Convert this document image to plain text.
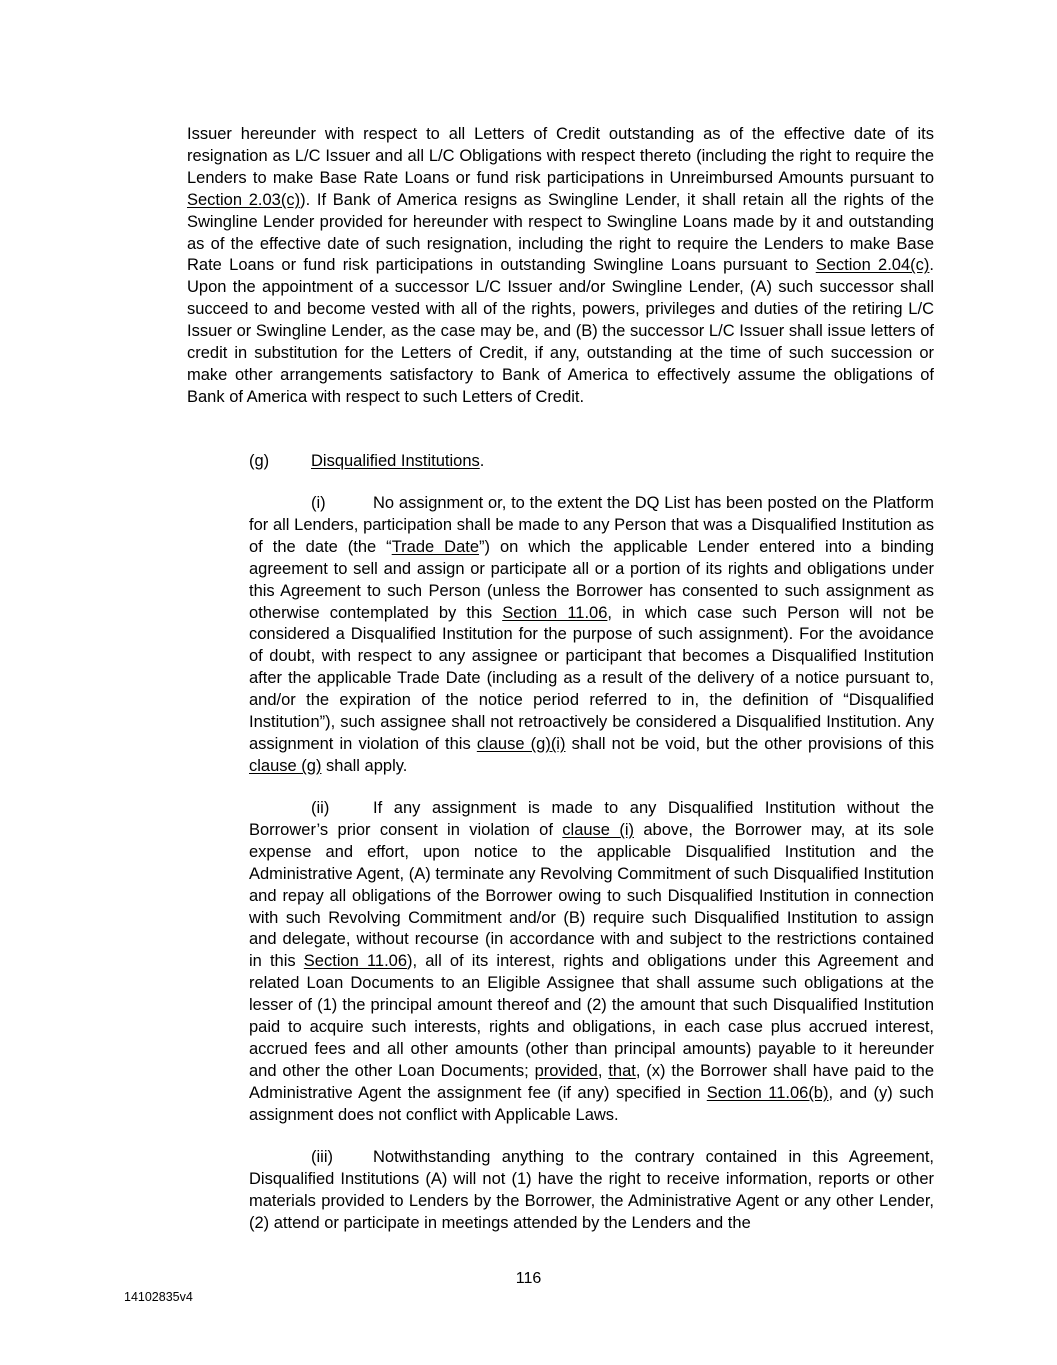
Issuer hereunder with respect to all Letters of Credit outstanding as of the effective date of its resignation as L/C Issuer and all L/C Obligations with respect thereto (including the right to require the Lenders to make Base Rate Loans or fund risk participations in Unreimbursed Amounts pursuant to Section 2.03(c)). If Bank of America resigns as Swingline Lender, it shall retain all the rights of the Swingline Lender provided for hereunder with respect to Swingline Loans made by it and outstanding as of the effective date of such resignation, including the right to require the Lenders to make Base Rate Loans or fund risk participations in outstanding Swingline Loans pursuant to Section 2.04(c). Upon the appointment of a successor L/C Issuer and/or Swingline Lender, (A) such successor shall succeed to and become vested with all of the rights, powers, privileges and duties of the retiring L/C Issuer or Swingline Lender, as the case may be, and (B) the successor L/C Issuer shall issue letters of credit in substitution for the Letters of Credit, if any, outstanding at the time of such succession or make other arrangements satisfactory to Bank of America to effectively assume the obligations of Bank of America with respect to such Letters of Credit.

(g)	Disqualified Institutions.

(i)	No assignment or, to the extent the DQ List has been posted on the Platform for all Lenders, participation shall be made to any Person that was a Disqualified Institution as of the date (the “Trade Date”) on which the applicable Lender entered into a binding agreement to sell and assign or participate all or a portion of its rights and obligations under this Agreement to such Person (unless the Borrower has consented to such assignment as otherwise contemplated by this Section 11.06, in which case such Person will not be considered a Disqualified Institution for the purpose of such assignment). For the avoidance of doubt, with respect to any assignee or participant that becomes a Disqualified Institution after the applicable Trade Date (including as a result of the delivery of a notice pursuant to, and/or the expiration of the notice period referred to in, the definition of “Disqualified Institution”), such assignee shall not retroactively be considered a Disqualified Institution. Any assignment in violation of this clause (g)(i) shall not be void, but the other provisions of this clause (g) shall apply.

(ii)	If any assignment is made to any Disqualified Institution without the Borrower’s prior consent in violation of clause (i) above, the Borrower may, at its sole expense and effort, upon notice to the applicable Disqualified Institution and the Administrative Agent, (A) terminate any Revolving Commitment of such Disqualified Institution and repay all obligations of the Borrower owing to such Disqualified Institution in connection with such Revolving Commitment and/or (B) require such Disqualified Institution to assign and delegate, without recourse (in accordance with and subject to the restrictions contained in this Section 11.06), all of its interest, rights and obligations under this Agreement and related Loan Documents to an Eligible Assignee that shall assume such obligations at the lesser of (1) the principal amount thereof and (2) the amount that such Disqualified Institution paid to acquire such interests, rights and obligations, in each case plus accrued interest, accrued fees and all other amounts (other than principal amounts) payable to it hereunder and other the other Loan Documents; provided, that, (x) the Borrower shall have paid to the Administrative Agent the assignment fee (if any) specified in Section 11.06(b), and (y) such assignment does not conflict with Applicable Laws.

(iii) Notwithstanding anything to the contrary contained in this Agreement, Disqualified Institutions (A) will not (1) have the right to receive information, reports or other materials provided to Lenders by the Borrower, the Administrative Agent or any other Lender, (2) attend or participate in meetings attended by the Lenders and the

116
14102835v4
